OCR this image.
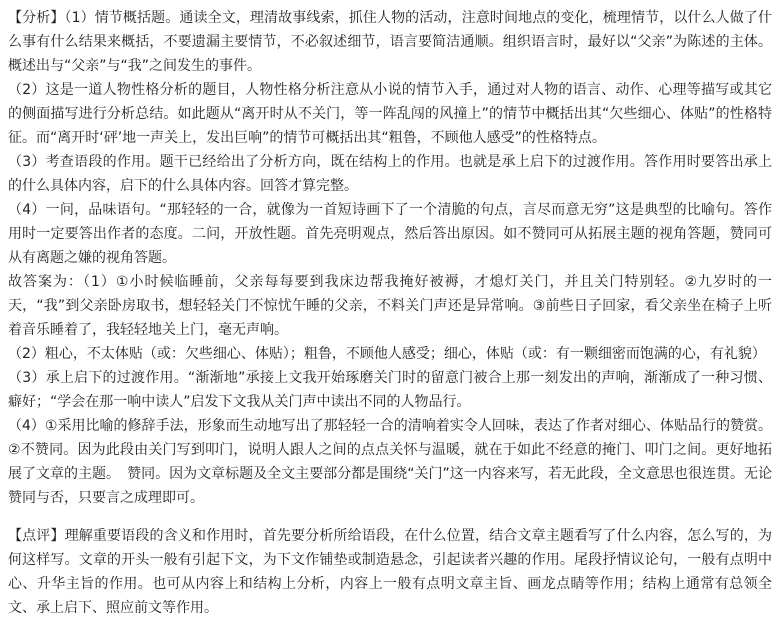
【分析】（1）情节概括题。通读全文，理清故事线索，抓住人物的活动，注意时间地点的变化，梳理情节，以什么人做了什么事有什么结果来概括，不要遗漏主要情节，不必叙述细节，语言要简洁通顺。组织语言时，最好以“父亲”为陈述的主体。概述出与“父亲”与“我”之间发生的事件。

（2）这是一道人物性格分析的题目，人物性格分析注意从小说的情节入手，通过对人物的语言、动作、心理等描写或其它的侧面描写进行分析总结。如此题从“离开时从不关门，等一阵乱闯的风撞上”的情节中概括出其“欠些细心、体贴”的性格特征。而“离开时‘砰’地一声关上，发出巨响”的情节可概括出其“粗鲁，不顾他人感受”的性格特点。

（3）考查语段的作用。题干已经给出了分析方向，既在结构上的作用。也就是承上启下的过渡作用。答作用时要答出承上的什么具体内容，启下的什么具体内容。回答才算完整。

（4）一问，品味语句。“那轻轻的一合，就像为一首短诗画下了一个清脆的句点，言尽而意无穷”这是典型的比喻句。答作用时一定要答出作者的态度。二问，开放性题。首先亮明观点，然后答出原因。如不赞同可从拓展主题的视角答题，赞同可从有离题之嫌的视角答题。

故答案为：（1）①小时候临睡前，父亲每每要到我床边帮我掩好被褥，才熄灯关门，并且关门特别轻。②九岁时的一天，“我”到父亲卧房取书，想轻轻关门不惊忧午睡的父亲，不料关门声还是异常响。③前些日子回家，看父亲坐在椅子上听着音乐睡着了，我轻轻地关上门，毫无声响。

（2）粗心，不太体贴（或：欠些细心、体贴）；粗鲁，不顾他人感受；细心，体贴（或：有一颗细密而饱满的心，有礼貌）

（3）承上启下的过渡作用。“渐渐地”承接上文我开始琢磨关门时的留意门被合上那一刻发出的声响，渐渐成了一种习惯、癖好；“学会在那一响中读人”启发下文我从关门声中读出不同的人物品行。

（4）①采用比喻的修辞手法，形象而生动地写出了那轻轻一合的清响着实令人回味，表达了作者对细心、体贴品行的赞赏。②不赞同。因为此段由关门写到叩门，说明人跟人之间的点点关怀与温暖，就在于如此不经意的掩门、叩门之间。更好地拓展了文章的主题。　赞同。因为文章标题及全文主要部分都是围绕“关门”这一内容来写，若无此段，全文意思也很连贯。无论赞同与否，只要言之成理即可。

【点评】理解重要语段的含义和作用时，首先要分析所给语段，在什么位置，结合文章主题看写了什么内容，怎么写的，为何这样写。文章的开头一般有引起下文，为下文作铺垫或制造悬念，引起读者兴趣的作用。尾段抒情议论句，一般有点明中心、升华主旨的作用。也可从内容上和结构上分析，内容上一般有点明文章主旨、画龙点睛等作用；结构上通常有总领全文、承上启下、照应前文等作用。
